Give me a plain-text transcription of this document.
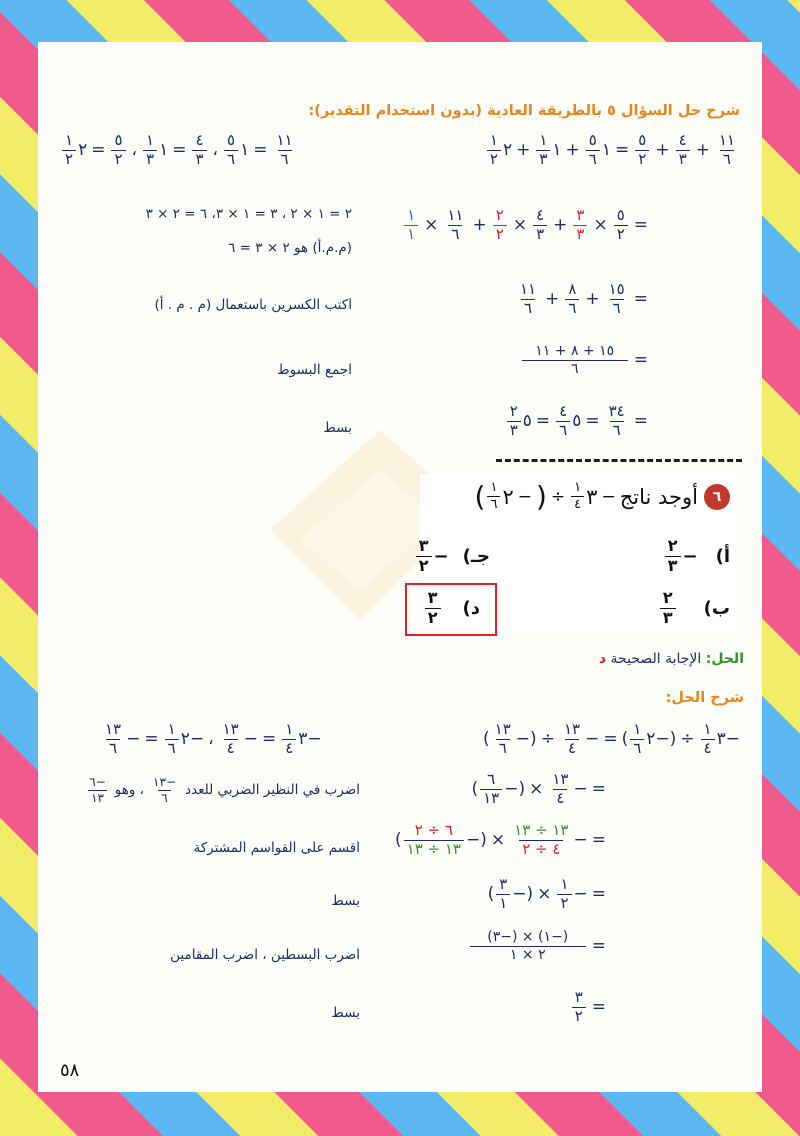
شرح حل السؤال ٥ بالطريقة العادية (بدون استخدام التقدير):
$\frac{١١}{٦}$
+
$\frac{٤}{٣}$
+
$\frac{٥}{٢}$
=
١
$\frac{٥}{٦}$
+
١
$\frac{١}{٣}$
+
٢
$\frac{١}{٢}$
$\frac{١١}{٦}$
=
١
$\frac{٥}{٦}$
،
$\frac{٤}{٣}$
=
١
$\frac{١}{٣}$
،
$\frac{٥}{٢}$
=
٢
$\frac{١}{٢}$
=
$\frac{٥}{٢}$
×
$\frac{٣}{٣}$
+
$\frac{٤}{٣}$
×
$\frac{٢}{٢}$
+
$\frac{١١}{٦}$
×
$\frac{١}{١}$
٢ = ١ × ٢ ، ٣ = ١ × ٣، ٦ = ٢ × ٣
(م.م.أ) هو ٢ × ٣ = ٦
=
$\frac{١٥}{٦}$
+
$\frac{٨}{٦}$
+
$\frac{١١}{٦}$
اكتب الكسرين باستعمال (م . م . أ)
=
$\frac{١٥ + ٨ + ١١}{٦}$
اجمع البسوط
=
$\frac{٣٤}{٦}$
=
٥
$\frac{٤}{٦}$
=
٥
$\frac{٢}{٣}$
بسط
٦
أوجد ناتج
−
٣
$\frac{١}{٤}$
÷
(
−
٢
$\frac{١}{٦}$
)
أ)
−
$\frac{٢}{٣}$
جـ)
−
$\frac{٣}{٢}$
ب)
$\frac{٢}{٣}$
د)
$\frac{٣}{٢}$
الحل: الإجابة الصحيحة د
شرح الحل:
−٣
$\frac{١}{٤}$
÷
(−٢
$\frac{١}{٦}$
)
=
−
$\frac{١٣}{٤}$
÷
(−
$\frac{١٣}{٦}$
)
−٣
$\frac{١}{٤}$
=
−
$\frac{١٣}{٤}$
،
−٢
$\frac{١}{٦}$
=
−
$\frac{١٣}{٦}$
=
−
$\frac{١٣}{٤}$
×
(−
$\frac{٦}{١٣}$
)
اضرب في النظير الضربي للعدد
$\frac{-١٣}{٦}$
، وهو
$\frac{-٦}{١٣}$
=
−
$\frac{١٣ \div ١٣}{٤ \div ٢}$
×
(−
$\frac{٦ \div ٢}{١٣ \div ١٣}$
)
اقسم على القواسم المشتركة
=
−
$\frac{١}{٢}$
×
(−
$\frac{٣}{١}$
)
بسط
=
$\frac{(-١) \times (-٣)}{٢ \times ١}$
اضرب البسطين ، اضرب المقامين
=
$\frac{٣}{٢}$
بسط
٥٨
